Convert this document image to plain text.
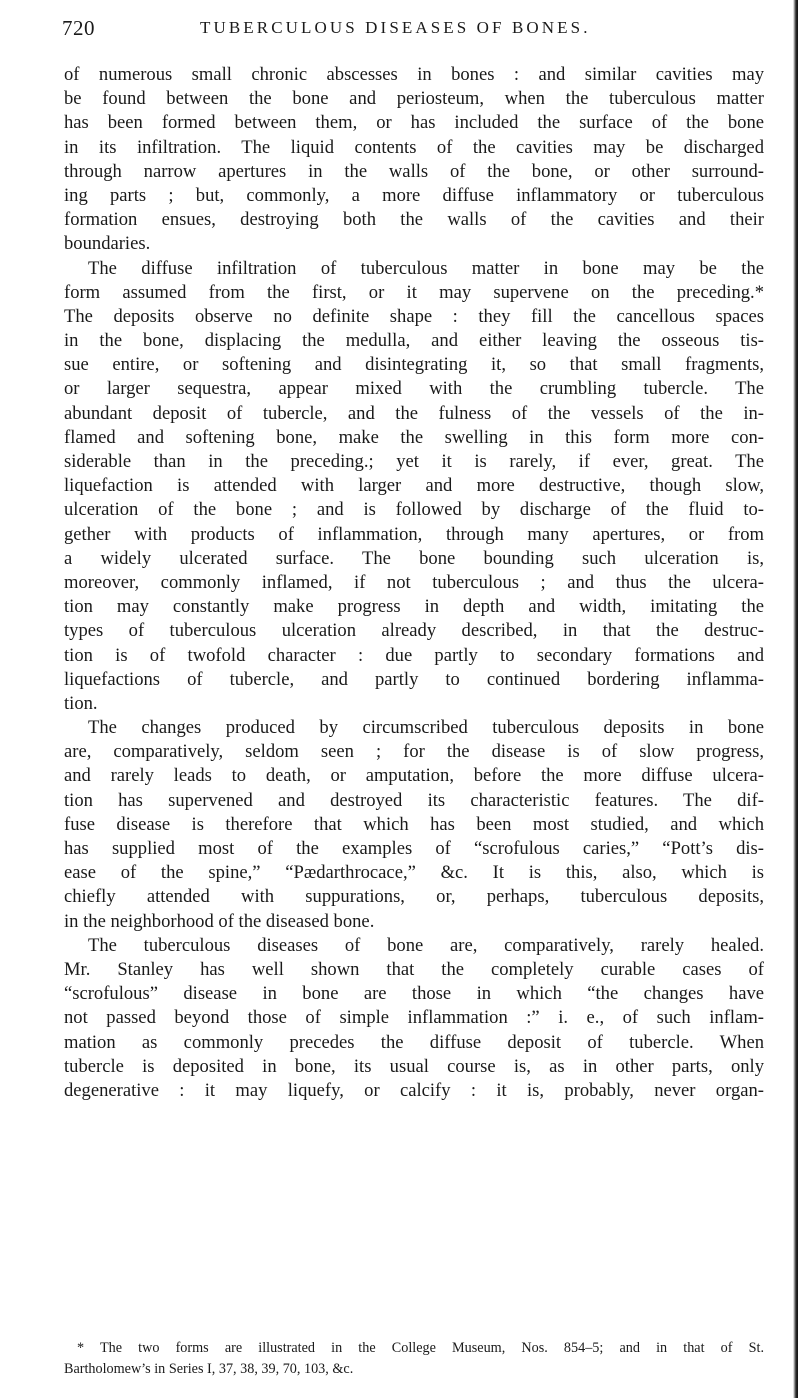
720	TUBERCULOUS DISEASES OF BONES.
of numerous small chronic abscesses in bones : and similar cavities may
be found between the bone and periosteum, when the tuberculous matter
has been formed between them, or has included the surface of the bone
in its infiltration. The liquid contents of the cavities may be discharged
through narrow apertures in the walls of the bone, or other surround-
ing parts ; but, commonly, a more diffuse inflammatory or tuberculous
formation ensues, destroying both the walls of the cavities and their
boundaries.
The diffuse infiltration of tuberculous matter in bone may be the
form assumed from the first, or it may supervene on the preceding.*
The deposits observe no definite shape : they fill the cancellous spaces
in the bone, displacing the medulla, and either leaving the osseous tis-
sue entire, or softening and disintegrating it, so that small fragments,
or larger sequestra, appear mixed with the crumbling tubercle. The
abundant deposit of tubercle, and the fulness of the vessels of the in-
flamed and softening bone, make the swelling in this form more con-
siderable than in the preceding.; yet it is rarely, if ever, great. The
liquefaction is attended with larger and more destructive, though slow,
ulceration of the bone ; and is followed by discharge of the fluid to-
gether with products of inflammation, through many apertures, or from
a widely ulcerated surface. The bone bounding such ulceration is,
moreover, commonly inflamed, if not tuberculous ; and thus the ulcera-
tion may constantly make progress in depth and width, imitating the
types of tuberculous ulceration already described, in that the destruc-
tion is of twofold character : due partly to secondary formations and
liquefactions of tubercle, and partly to continued bordering inflamma-
tion.
The changes produced by circumscribed tuberculous deposits in bone
are, comparatively, seldom seen ; for the disease is of slow progress,
and rarely leads to death, or amputation, before the more diffuse ulcera-
tion has supervened and destroyed its characteristic features. The dif-
fuse disease is therefore that which has been most studied, and which
has supplied most of the examples of “scrofulous caries,” “Pott’s dis-
ease of the spine,” “Pædarthrocace,” &c. It is this, also, which is
chiefly attended with suppurations, or, perhaps, tuberculous deposits,
in the neighborhood of the diseased bone.
The tuberculous diseases of bone are, comparatively, rarely healed.
Mr. Stanley has well shown that the completely curable cases of
“scrofulous” disease in bone are those in which “the changes have
not passed beyond those of simple inflammation :” i. e., of such inflam-
mation as commonly precedes the diffuse deposit of tubercle. When
tubercle is deposited in bone, its usual course is, as in other parts, only
degenerative : it may liquefy, or calcify : it is, probably, never organ-
* The two forms are illustrated in the College Museum, Nos. 854–5; and in that of St.
Bartholomew’s in Series I, 37, 38, 39, 70, 103, &c.
